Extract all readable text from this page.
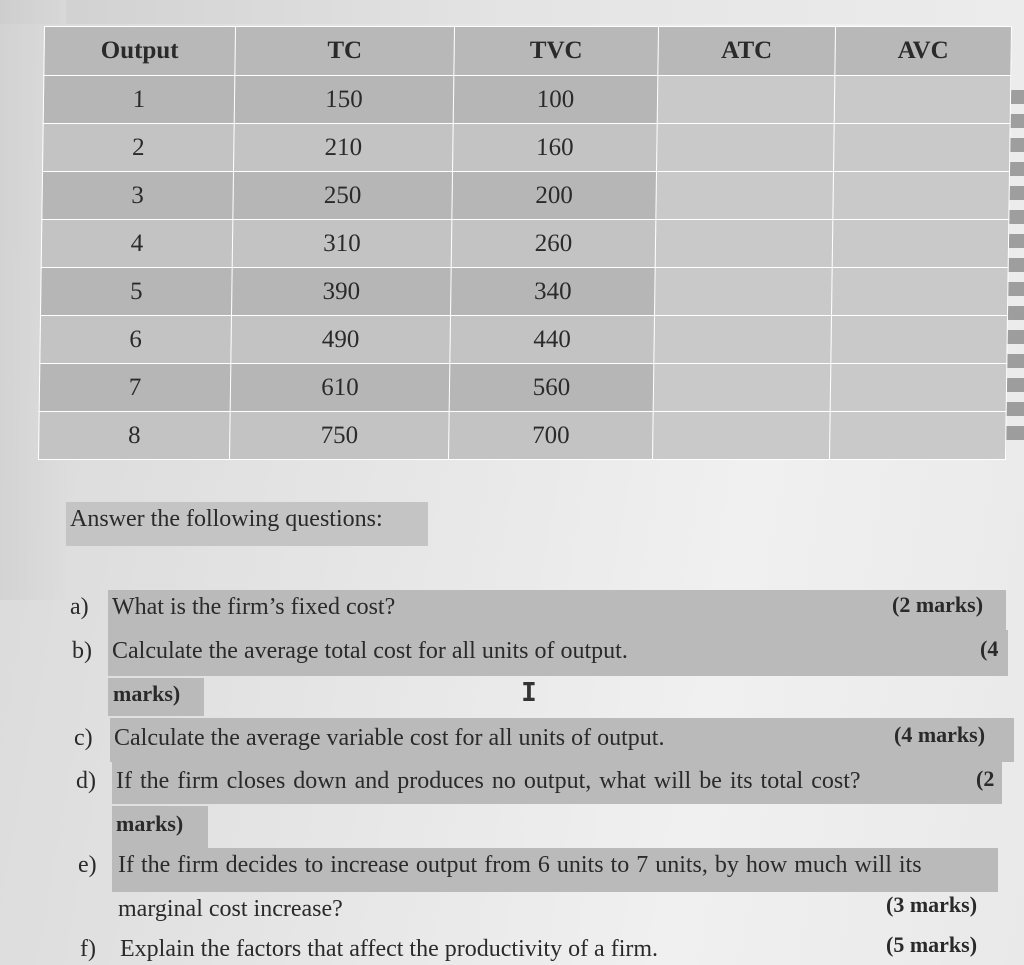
Output	TC	TVC	ATC	AVC
1	150	100		
2	210	160		
3	250	200		
4	310	260		
5	390	340		
6	490	440		
7	610	560		
8	750	700		
Answer the following questions:
a) What is the firm’s fixed cost?	(2 marks)
b) Calculate the average total cost for all units of output.	(4
marks)	I
c) Calculate the average variable cost for all units of output.	(4 marks)
d) If the firm closes down and produces no output, what will be its total cost?	(2
marks)
e) If the firm decides to increase output from 6 units to 7 units, by how much will its
marginal cost increase?	(3 marks)
f) Explain the factors that affect the productivity of a firm.	(5 marks)
